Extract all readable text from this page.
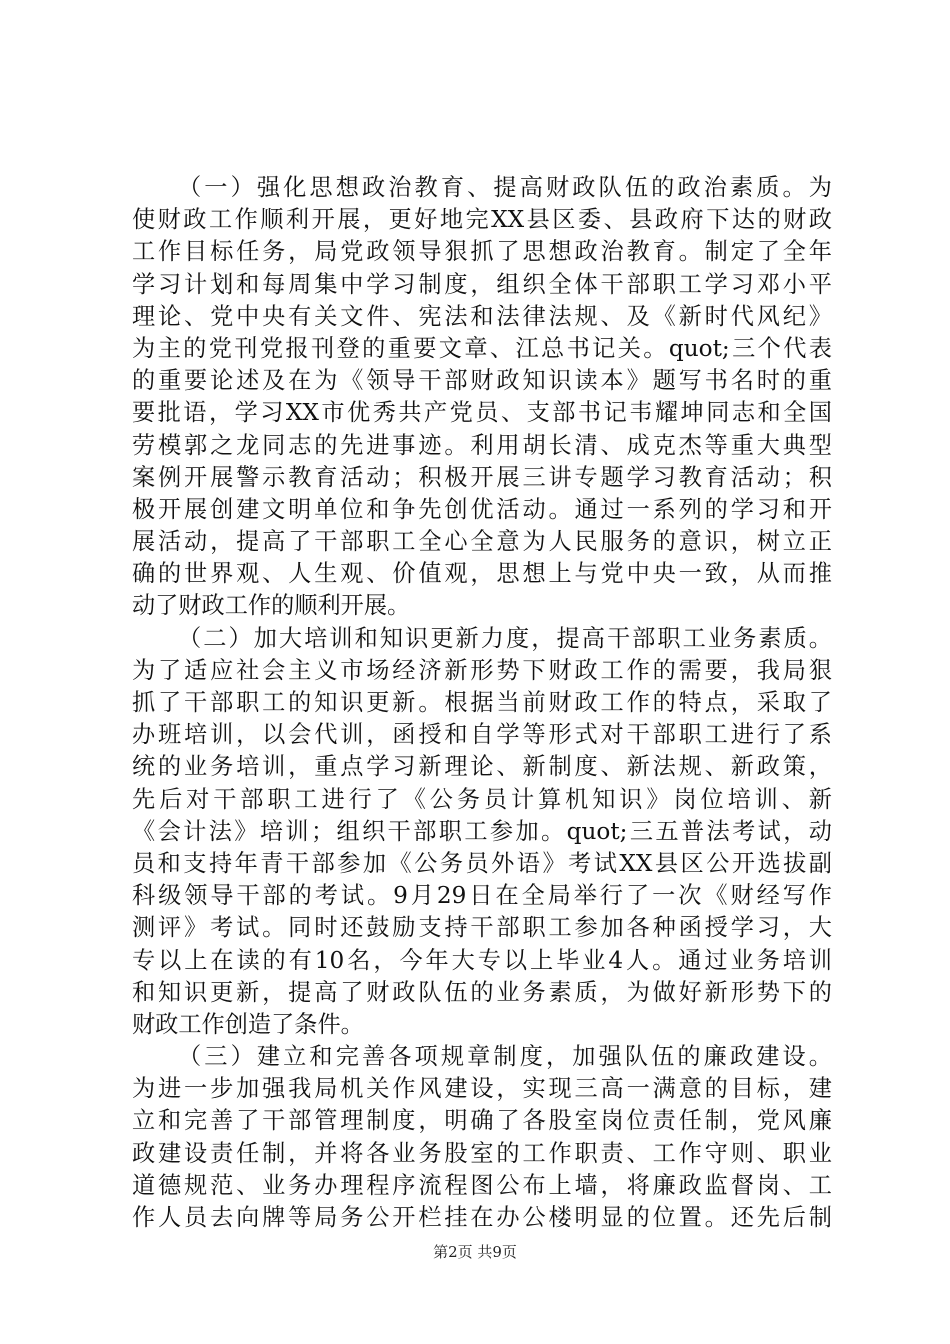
（一）强化思想政治教育、提高财政队伍的政治素质。为
使财政工作顺利开展，更好地完XX县区委、县政府下达的财政
工作目标任务，局党政领导狠抓了思想政治教育。制定了全年
学习计划和每周集中学习制度，组织全体干部职工学习邓小平
理论、党中央有关文件、宪法和法律法规、及《新时代风纪》
为主的党刊党报刊登的重要文章、江总书记关。quot;三个代表
的重要论述及在为《领导干部财政知识读本》题写书名时的重
要批语，学习XX市优秀共产党员、支部书记韦耀坤同志和全国
劳模郭之龙同志的先进事迹。利用胡长清、成克杰等重大典型
案例开展警示教育活动；积极开展三讲专题学习教育活动；积
极开展创建文明单位和争先创优活动。通过一系列的学习和开
展活动，提高了干部职工全心全意为人民服务的意识，树立正
确的世界观、人生观、价值观，思想上与党中央一致，从而推
动了财政工作的顺利开展。
（二）加大培训和知识更新力度，提高干部职工业务素质。
为了适应社会主义市场经济新形势下财政工作的需要，我局狠
抓了干部职工的知识更新。根据当前财政工作的特点，采取了
办班培训，以会代训，函授和自学等形式对干部职工进行了系
统的业务培训，重点学习新理论、新制度、新法规、新政策，
先后对干部职工进行了《公务员计算机知识》岗位培训、新
《会计法》培训；组织干部职工参加。quot;三五普法考试，动
员和支持年青干部参加《公务员外语》考试XX县区公开选拔副
科级领导干部的考试。9月29日在全局举行了一次《财经写作
测评》考试。同时还鼓励支持干部职工参加各种函授学习，大
专以上在读的有10名，今年大专以上毕业4人。通过业务培训
和知识更新，提高了财政队伍的业务素质，为做好新形势下的
财政工作创造了条件。
（三）建立和完善各项规章制度，加强队伍的廉政建设。
为进一步加强我局机关作风建设，实现三高一满意的目标，建
立和完善了干部管理制度，明确了各股室岗位责任制，党风廉
政建设责任制，并将各业务股室的工作职责、工作守则、职业
道德规范、业务办理程序流程图公布上墙，将廉政监督岗、工
作人员去向牌等局务公开栏挂在办公楼明显的位置。还先后制
第2页 共9页
